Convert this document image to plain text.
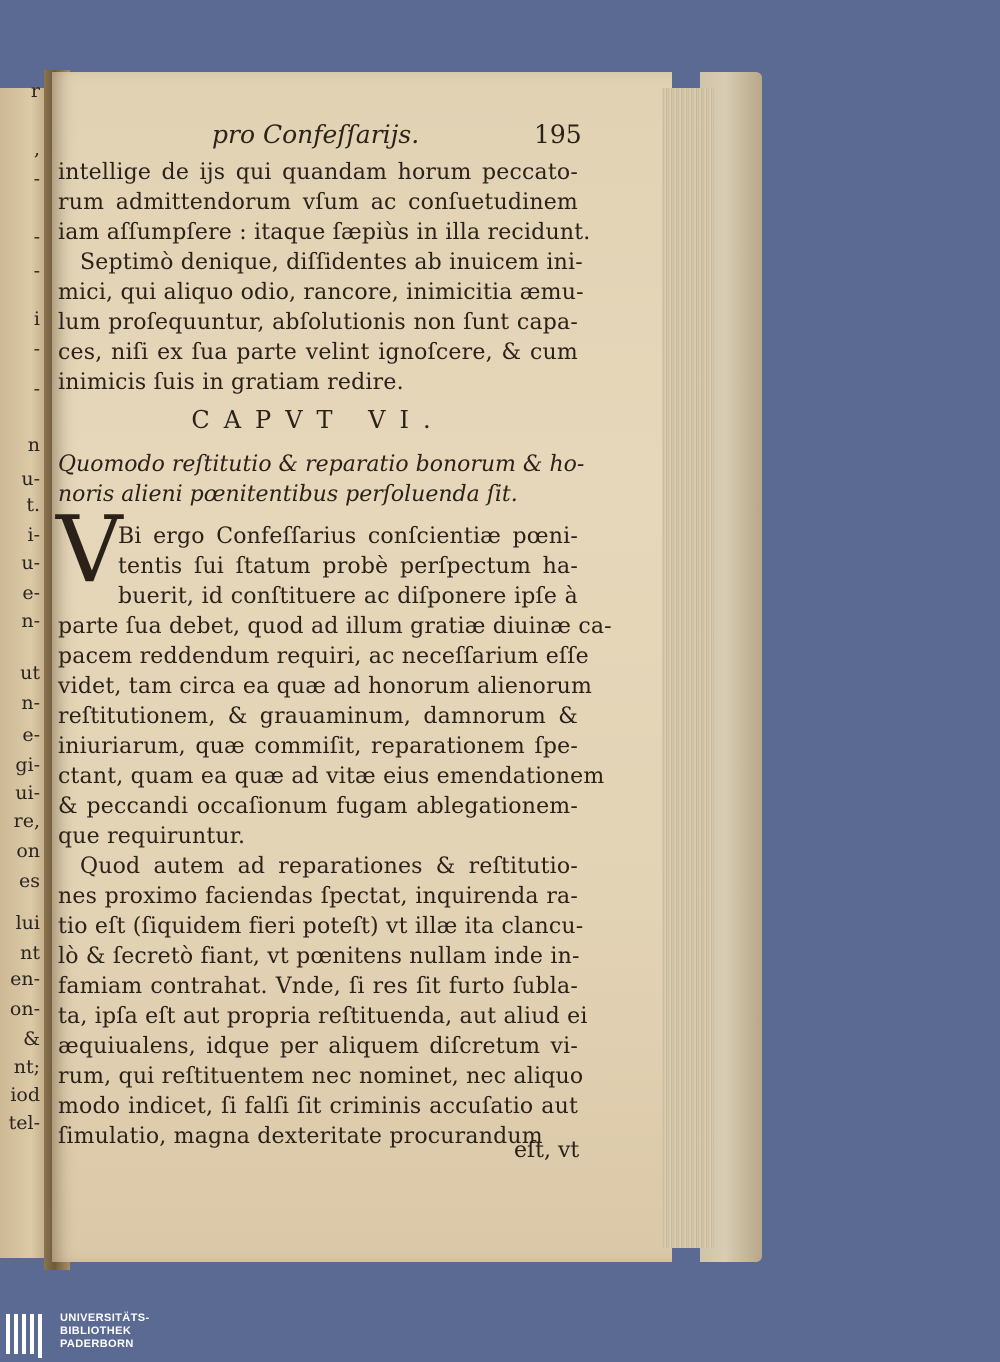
pro Confeſſarijs.	195
intellige de ijs qui quandam horum peccato-
rum admittendorum vſum ac conſuetudinem
iam aſſumpſere : itaque ſæpiùs in illa recidunt.
Septimò denique, diſſidentes ab inuicem ini-
mici, qui aliquo odio, rancore, inimicitia æmu-
lum proſequuntur, abſolutionis non ſunt capa-
ces, niſi ex ſua parte velint ignoſcere, & cum
inimicis ſuis in gratiam redire.
CAPVT VI.
Quomodo reſtitutio & reparatio bonorum & ho-
noris alieni pœnitentibus perſoluenda ſit.
V
Bi ergo Confeſſarius conſcientiæ pœni-
tentis ſui ſtatum probè perſpectum ha-
buerit, id conſtituere ac diſponere ipſe à
parte ſua debet, quod ad illum gratiæ diuinæ ca-
pacem reddendum requiri, ac neceſſarium eſſe
videt, tam circa ea quæ ad honorum alienorum
reſtitutionem, & grauaminum, damnorum &
iniuriarum, quæ commiſit, reparationem ſpe-
ctant, quam ea quæ ad vitæ eius emendationem
& peccandi occaſionum fugam ablegationem-
que requiruntur.
Quod autem ad reparationes & reſtitutio-
nes proximo faciendas ſpectat, inquirenda ra-
tio eſt (ſiquidem fieri poteſt) vt illæ ita clancu-
lò & ſecretò fiant, vt pœnitens nullam inde in-
famiam contrahat. Vnde, ſi res ſit furto ſubla-
ta, ipſa eſt aut propria reſtituenda, aut aliud ei
æquiualens, idque per aliquem diſcretum vi-
rum, qui reſtituentem nec nominet, nec aliquo
modo indicet, ſi falſi ſit criminis accuſatio aut
ſimulatio, magna dexteritate procurandum
eſt, vt
r
,
-
-
-
i
-
-
n
u-
t.
i-
u-
e-
n-
ut
n-
e-
gi-
ui-
re,
on
es
lui
nt
en-
on-
&
nt;
iod
tel-
UNIVERSITÄTS-
BIBLIOTHEK
PADERBORN
